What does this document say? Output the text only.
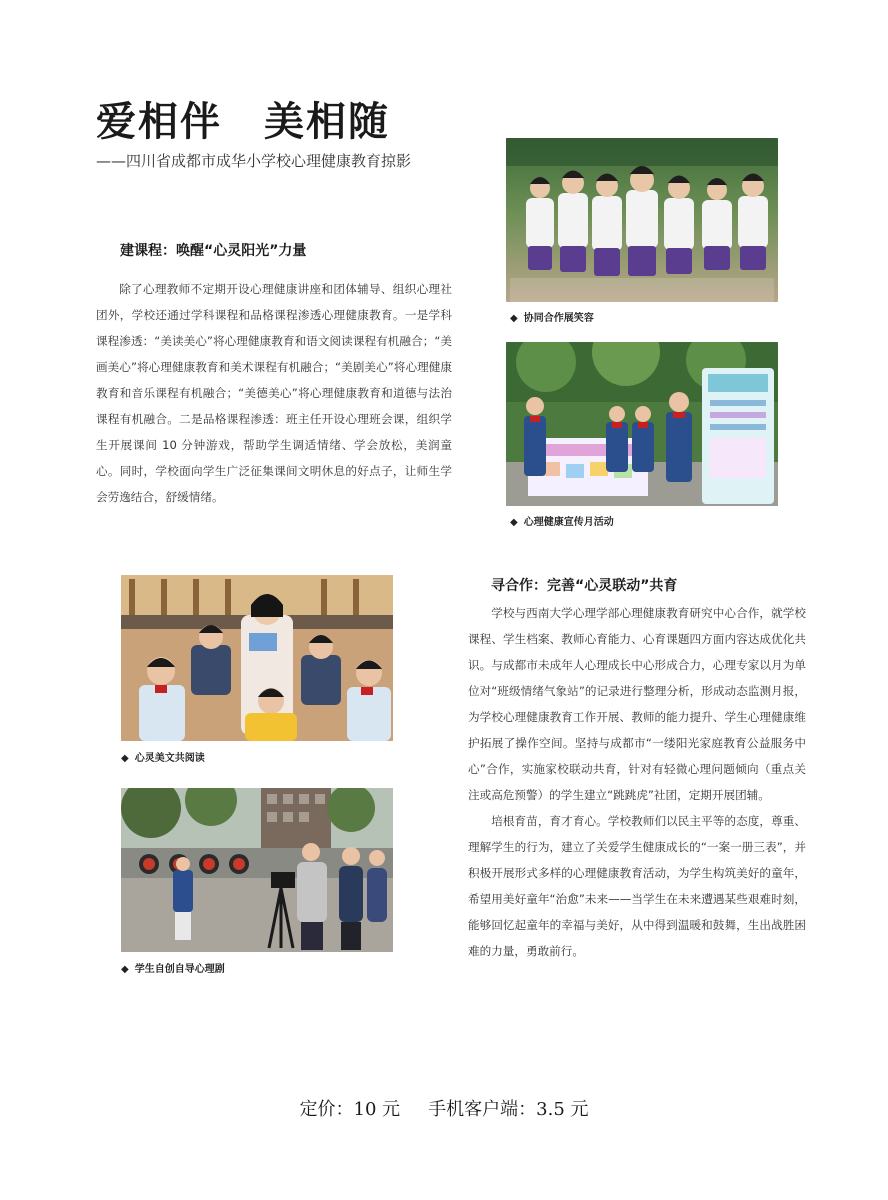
爱相伴　美相随
——四川省成都市成华小学校心理健康教育掠影
建课程：唤醒“心灵阳光”力量

除了心理教师不定期开设心理健康讲座和团体辅导、组织心理社团外，学校还通过学科课程和品格课程渗透心理健康教育。一是学科课程渗透：“美读美心”将心理健康教育和语文阅读课程有机融合；“美画美心”将心理健康教育和美术课程有机融合；“美剧美心”将心理健康教育和音乐课程有机融合；“美德美心”将心理健康教育和道德与法治课程有机融合。二是品格课程渗透：班主任开设心理班会课，组织学生开展课间 10 分钟游戏，帮助学生调适情绪、学会放松，美润童心。同时，学校面向学生广泛征集课间文明休息的好点子，让师生学会劳逸结合，舒缓情绪。

◆ 协同合作展笑容
◆ 心理健康宣传月活动
◆ 心灵美文共阅读
◆ 学生自创自导心理剧
寻合作：完善“心灵联动”共育

学校与西南大学心理学部心理健康教育研究中心合作，就学校课程、学生档案、教师心育能力、心育课题四方面内容达成优化共识。与成都市未成年人心理成长中心形成合力，心理专家以月为单位对“班级情绪气象站”的记录进行整理分析，形成动态监测月报，为学校心理健康教育工作开展、教师的能力提升、学生心理健康维护拓展了操作空间。坚持与成都市“一缕阳光家庭教育公益服务中心”合作，实施家校联动共育，针对有轻微心理问题倾向（重点关注或高危预警）的学生建立“跳跳虎”社团，定期开展团辅。

培根育苗，育才育心。学校教师们以民主平等的态度，尊重、理解学生的行为，建立了关爱学生健康成长的“一案一册三表”，并积极开展形式多样的心理健康教育活动，为学生构筑美好的童年，希望用美好童年“治愈”未来——当学生在未来遭遇某些艰难时刻，能够回忆起童年的幸福与美好，从中得到温暖和鼓舞，生出战胜困难的力量，勇敢前行。

定价：10 元 手机客户端：3.5 元
